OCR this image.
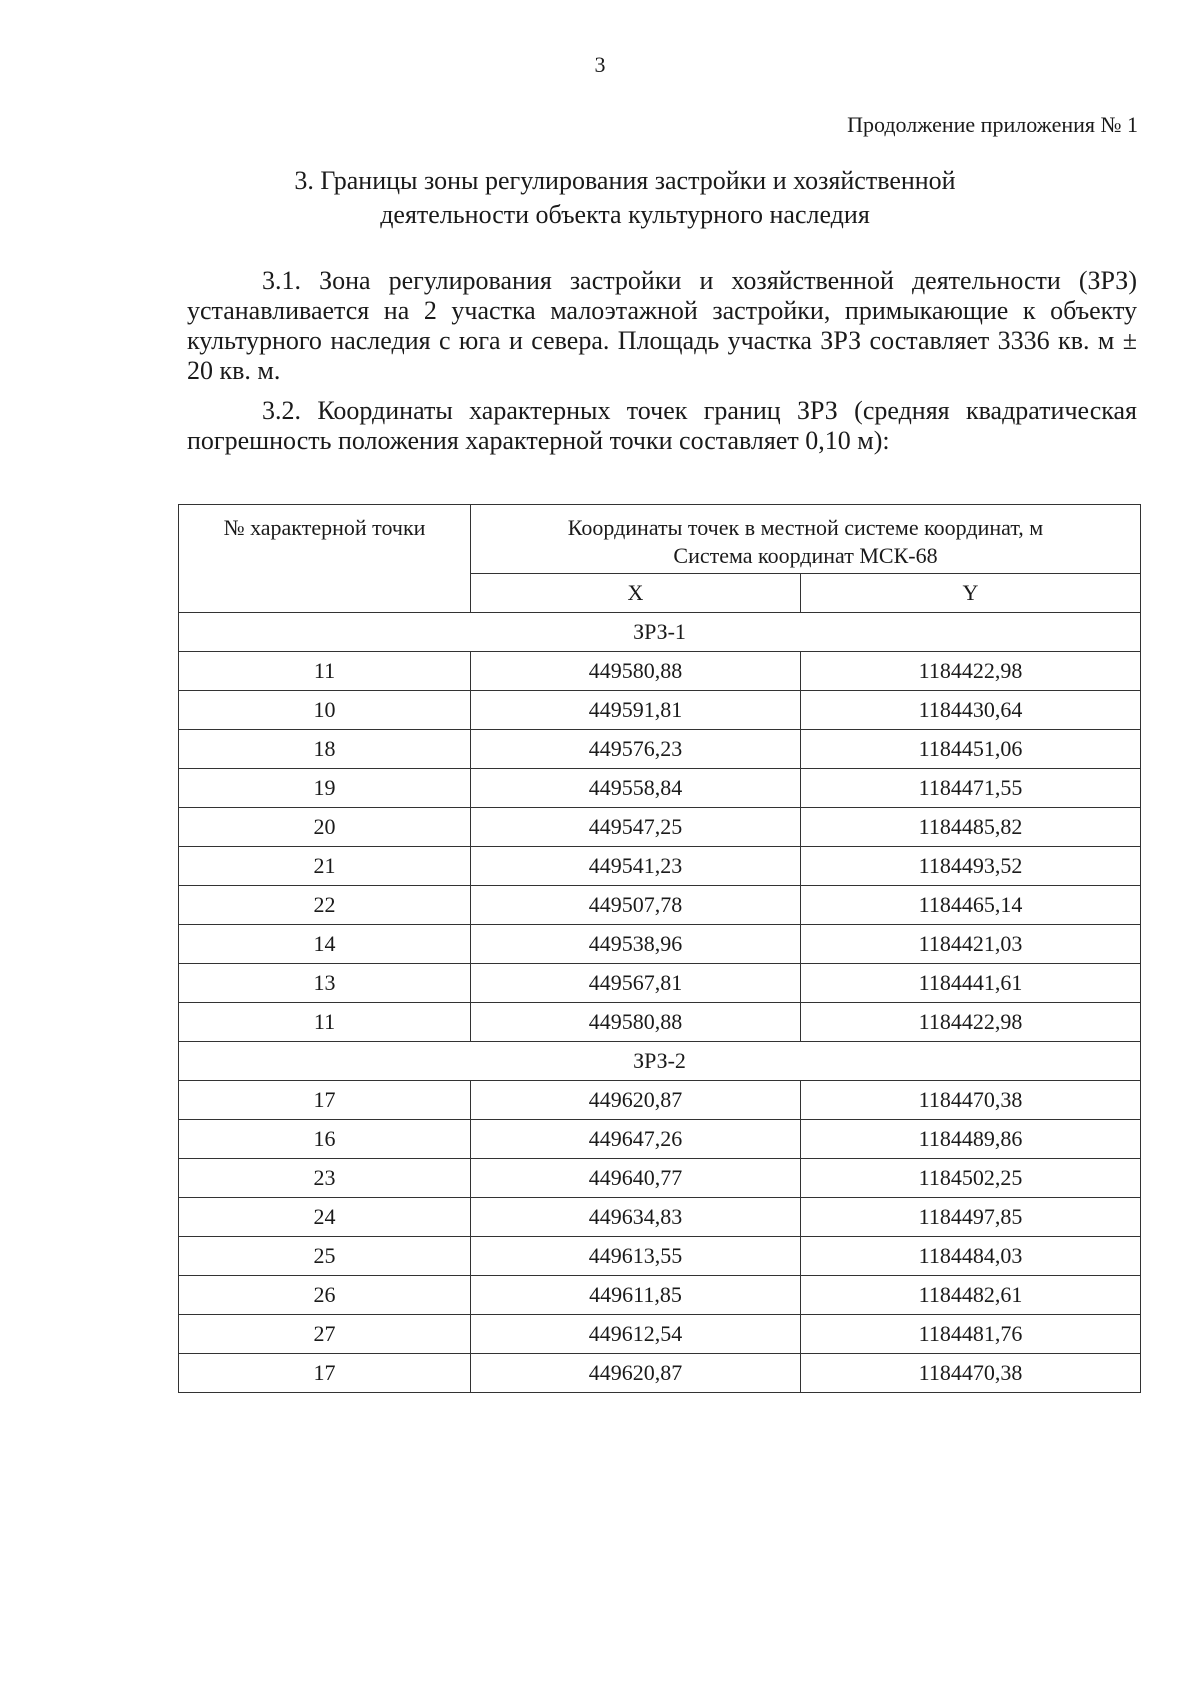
3
Продолжение приложения № 1
3. Границы зоны регулирования застройки и хозяйственной
деятельности объекта культурного наследия

3.1. Зона регулирования застройки и хозяйственной деятельности (ЗРЗ) устанавливается на 2 участка малоэтажной застройки, примыкающие к объекту культурного наследия с юга и севера. Площадь участка ЗРЗ составляет 3336 кв. м ± 20 кв. м.

3.2. Координаты характерных точек границ ЗРЗ (средняя квадратическая погрешность положения характерной точки составляет 0,10 м):

№ характерной точки	Координаты точек в местной системе координат, м
Система координат МСК-68	

	X	Y
ЗРЗ-1		
11	449580,88	1184422,98
10	449591,81	1184430,64
18	449576,23	1184451,06
19	449558,84	1184471,55
20	449547,25	1184485,82
21	449541,23	1184493,52
22	449507,78	1184465,14
14	449538,96	1184421,03
13	449567,81	1184441,61
11	449580,88	1184422,98
ЗРЗ-2		
17	449620,87	1184470,38
16	449647,26	1184489,86
23	449640,77	1184502,25
24	449634,83	1184497,85
25	449613,55	1184484,03
26	449611,85	1184482,61
27	449612,54	1184481,76
17	449620,87	1184470,38
